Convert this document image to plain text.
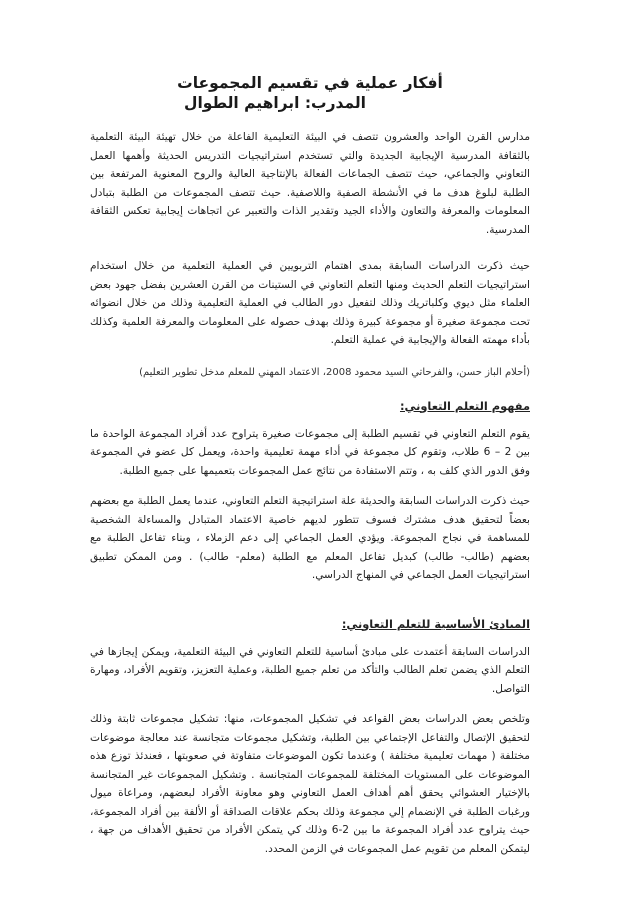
أفكار عملية في تقسيم المجموعات
المدرب: ابراهيم الطوال

مدارس القرن الواحد والعشرون تتصف في البيئة التعليمية الفاعلة من خلال تهيئة البيئة التعلمية بالثقافة المدرسية الإيجابية الجديدة والتي تستخدم استراتيجيات التدريس الحديثة وأهمها العمل التعاوني والجماعي، حيث تتصف الجماعات الفعالة بالإنتاجية العالية والروح المعنوية المرتفعة بين الطلبة لبلوغ هدف ما في الأنشطة الصفية واللاصفية. حيث تتصف المجموعات من الطلبة بتبادل المعلومات والمعرفة والتعاون والأداء الجيد وتقدير الذات والتعبير عن اتجاهات إيجابية تعكس الثقافة المدرسية.

حيث ذكرت الدراسات السابقة بمدى اهتمام التربويين في العملية التعلمية من خلال استخدام استراتيجيات التعلم الحديث ومنها التعلم التعاوني في الستينات من القرن العشرين بفضل جهود بعض العلماء مثل ديوي وكلباتريك وذلك لتفعيل دور الطالب في العملية التعليمية وذلك من خلال انضوائه تحت مجموعة صغيرة أو مجموعة كبيرة وذلك بهدف حصوله على المعلومات والمعرفة العلمية وكذلك بأداء مهمته الفعالة والإيجابية في عملية التعلم.

(أحلام الباز حسن، والفرحاتي السيد محمود 2008، الاعتماد المهني للمعلم مدخل تطوير التعليم)

مفهوم التعلم التعاوني:

يقوم التعلم التعاوني في تقسيم الطلبة إلى مجموعات صغيرة يتراوح عدد أفراد المجموعة الواحدة ما بين 2 – 6 طلاب، وتقوم كل مجموعة في أداء مهمة تعليمية واحدة، ويعمل كل عضو في المجموعة وفق الدور الذي كلف به ، وتتم الاستفادة من نتائج عمل المجموعات بتعميمها على جميع الطلبة.

حيث ذكرت الدراسات السابقة والحديثة علة استراتيجية التعلم التعاوني، عندما يعمل الطلبة مع بعضهم بعضاً لتحقيق هدف مشترك فسوف تتطور لديهم خاصية الاعتماد المتبادل والمساءلة الشخصية للمساهمة في نجاح المجموعة. ويؤدي العمل الجماعي إلى دعم الزملاء ، وبناء تفاعل الطلبة مع بعضهم (طالب- طالب) كبديل تفاعل المعلم مع الطلبة (معلم- طالب) . ومن الممكن تطبيق استراتيجيات العمل الجماعي في المنهاج الدراسي.

المبادئ الأساسية للتعلم التعاوني:

الدراسات السابقة أعتمدت على مبادئ أساسية للتعلم التعاوني في البيئة التعلمية، ويمكن إيجازها في التعلم الذي يضمن تعلم الطالب والتأكد من تعلم جميع الطلبة، وعملية التعزيز، وتقويم الأفراد، ومهارة التواصل.

وتلخص بعض الدراسات بعض القواعد في تشكيل المجموعات، منها: تشكيل مجموعات ثابتة وذلك لتحقيق الإتصال والتفاعل الإجتماعي بين الطلبة، وتشكيل مجموعات متجانسة عند معالجة موضوعات مختلفة ( مهمات تعليمية مختلفة ) وعندما تكون الموضوعات متفاوتة في صعوبتها ، فعندئذ توزع هذه الموضوعات على المستويات المختلفة للمجموعات المتجانسة . وتشكيل المجموعات غير المتجانسة بالإختيار العشوائي يحقق أهم أهداف العمل التعاوني وهو معاونة الأفراد لبعضهم، ومراعاة ميول ورغبات الطلبة في الإنضمام إلي مجموعة وذلك بحكم علاقات الصداقة أو الألفة بين أفراد المجموعة، حيث يتراوح عدد أفراد المجموعة ما بين 2-6 وذلك كي يتمكن الأفراد من تحقيق الأهداف من جهة ، ليتمكن المعلم من تقويم عمل المجموعات في الزمن المحدد.
